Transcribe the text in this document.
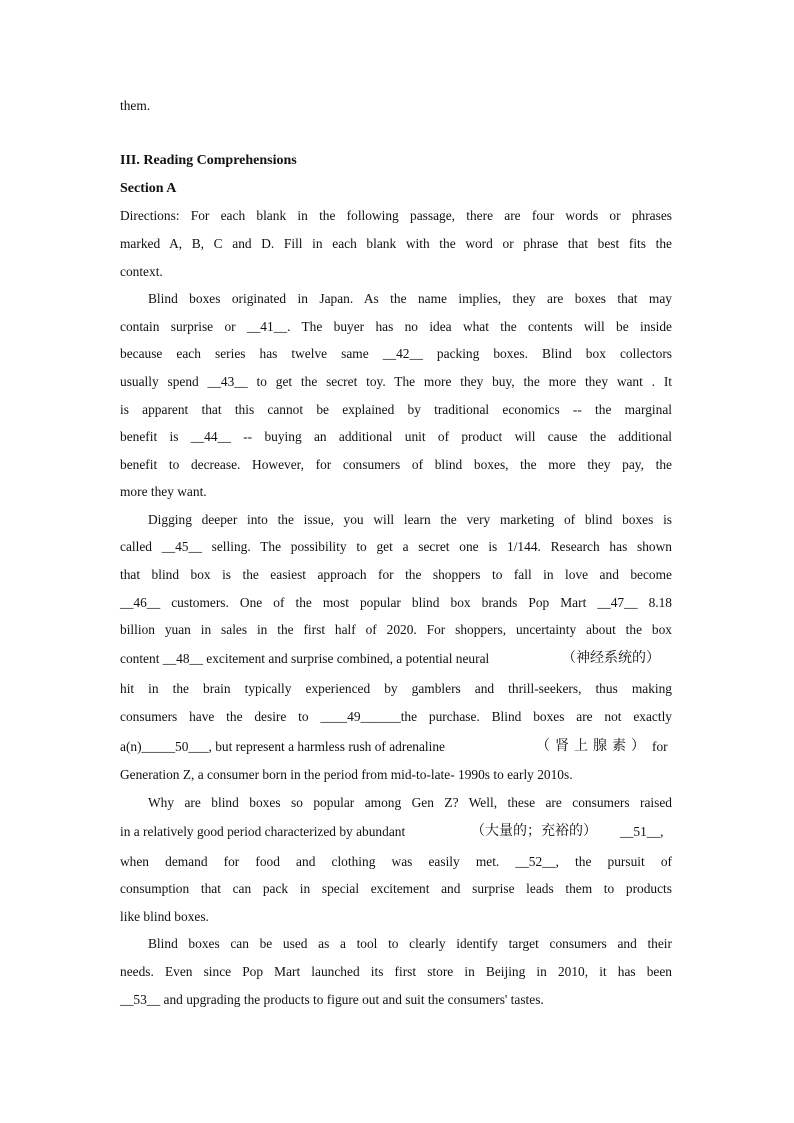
them.
III. Reading Comprehensions
Section A
Directions: For each blank in the following passage, there are four words or phrases
marked A, B, C and D. Fill in each blank with the word or phrase that best fits the
context.
Blind boxes originated in Japan. As the name implies, they are boxes that may
contain surprise or __41__. The buyer has no idea what the contents will be inside
because each series has twelve same __42__ packing boxes. Blind box collectors
usually spend __43__ to get the secret toy. The more they buy, the more they want . It
is apparent that this cannot be explained by traditional economics -- the marginal
benefit is __44__ -- buying an additional unit of product will cause the additional
benefit to decrease. However, for consumers of blind boxes, the more they pay, the
more they want.
Digging deeper into the issue, you will learn the very marketing of blind boxes is
called __45__ selling. The possibility to get a secret one is 1/144. Research has shown
that blind box is the easiest approach for the shoppers to fall in love and become
__46__ customers. One of the most popular blind box brands Pop Mart __47__ 8.18
billion yuan in sales in the first half of 2020. For shoppers, uncertainty about the box
content __48__ excitement and surprise combined, a potential neural	（神经系统的）
hit in the brain typically experienced by gamblers and thrill-seekers, thus making
consumers have the desire to ____49______the purchase. Blind boxes are not exactly
a(n)_____50___, but represent a harmless rush of adrenaline	（肾上腺素） for
Generation Z, a consumer born in the period from mid-to-late- 1990s to early 2010s.
Why are blind boxes so popular among Gen Z? Well, these are consumers raised
in a relatively good period characterized by abundant	（大量的；充裕的）	__51__,
when demand for food and clothing was easily met. __52__, the pursuit of
consumption that can pack in special excitement and surprise leads them to products
like blind boxes.
Blind boxes can be used as a tool to clearly identify target consumers and their
needs. Even since Pop Mart launched its first store in Beijing in 2010, it has been
__53__ and upgrading the products to figure out and suit the consumers' tastes.
